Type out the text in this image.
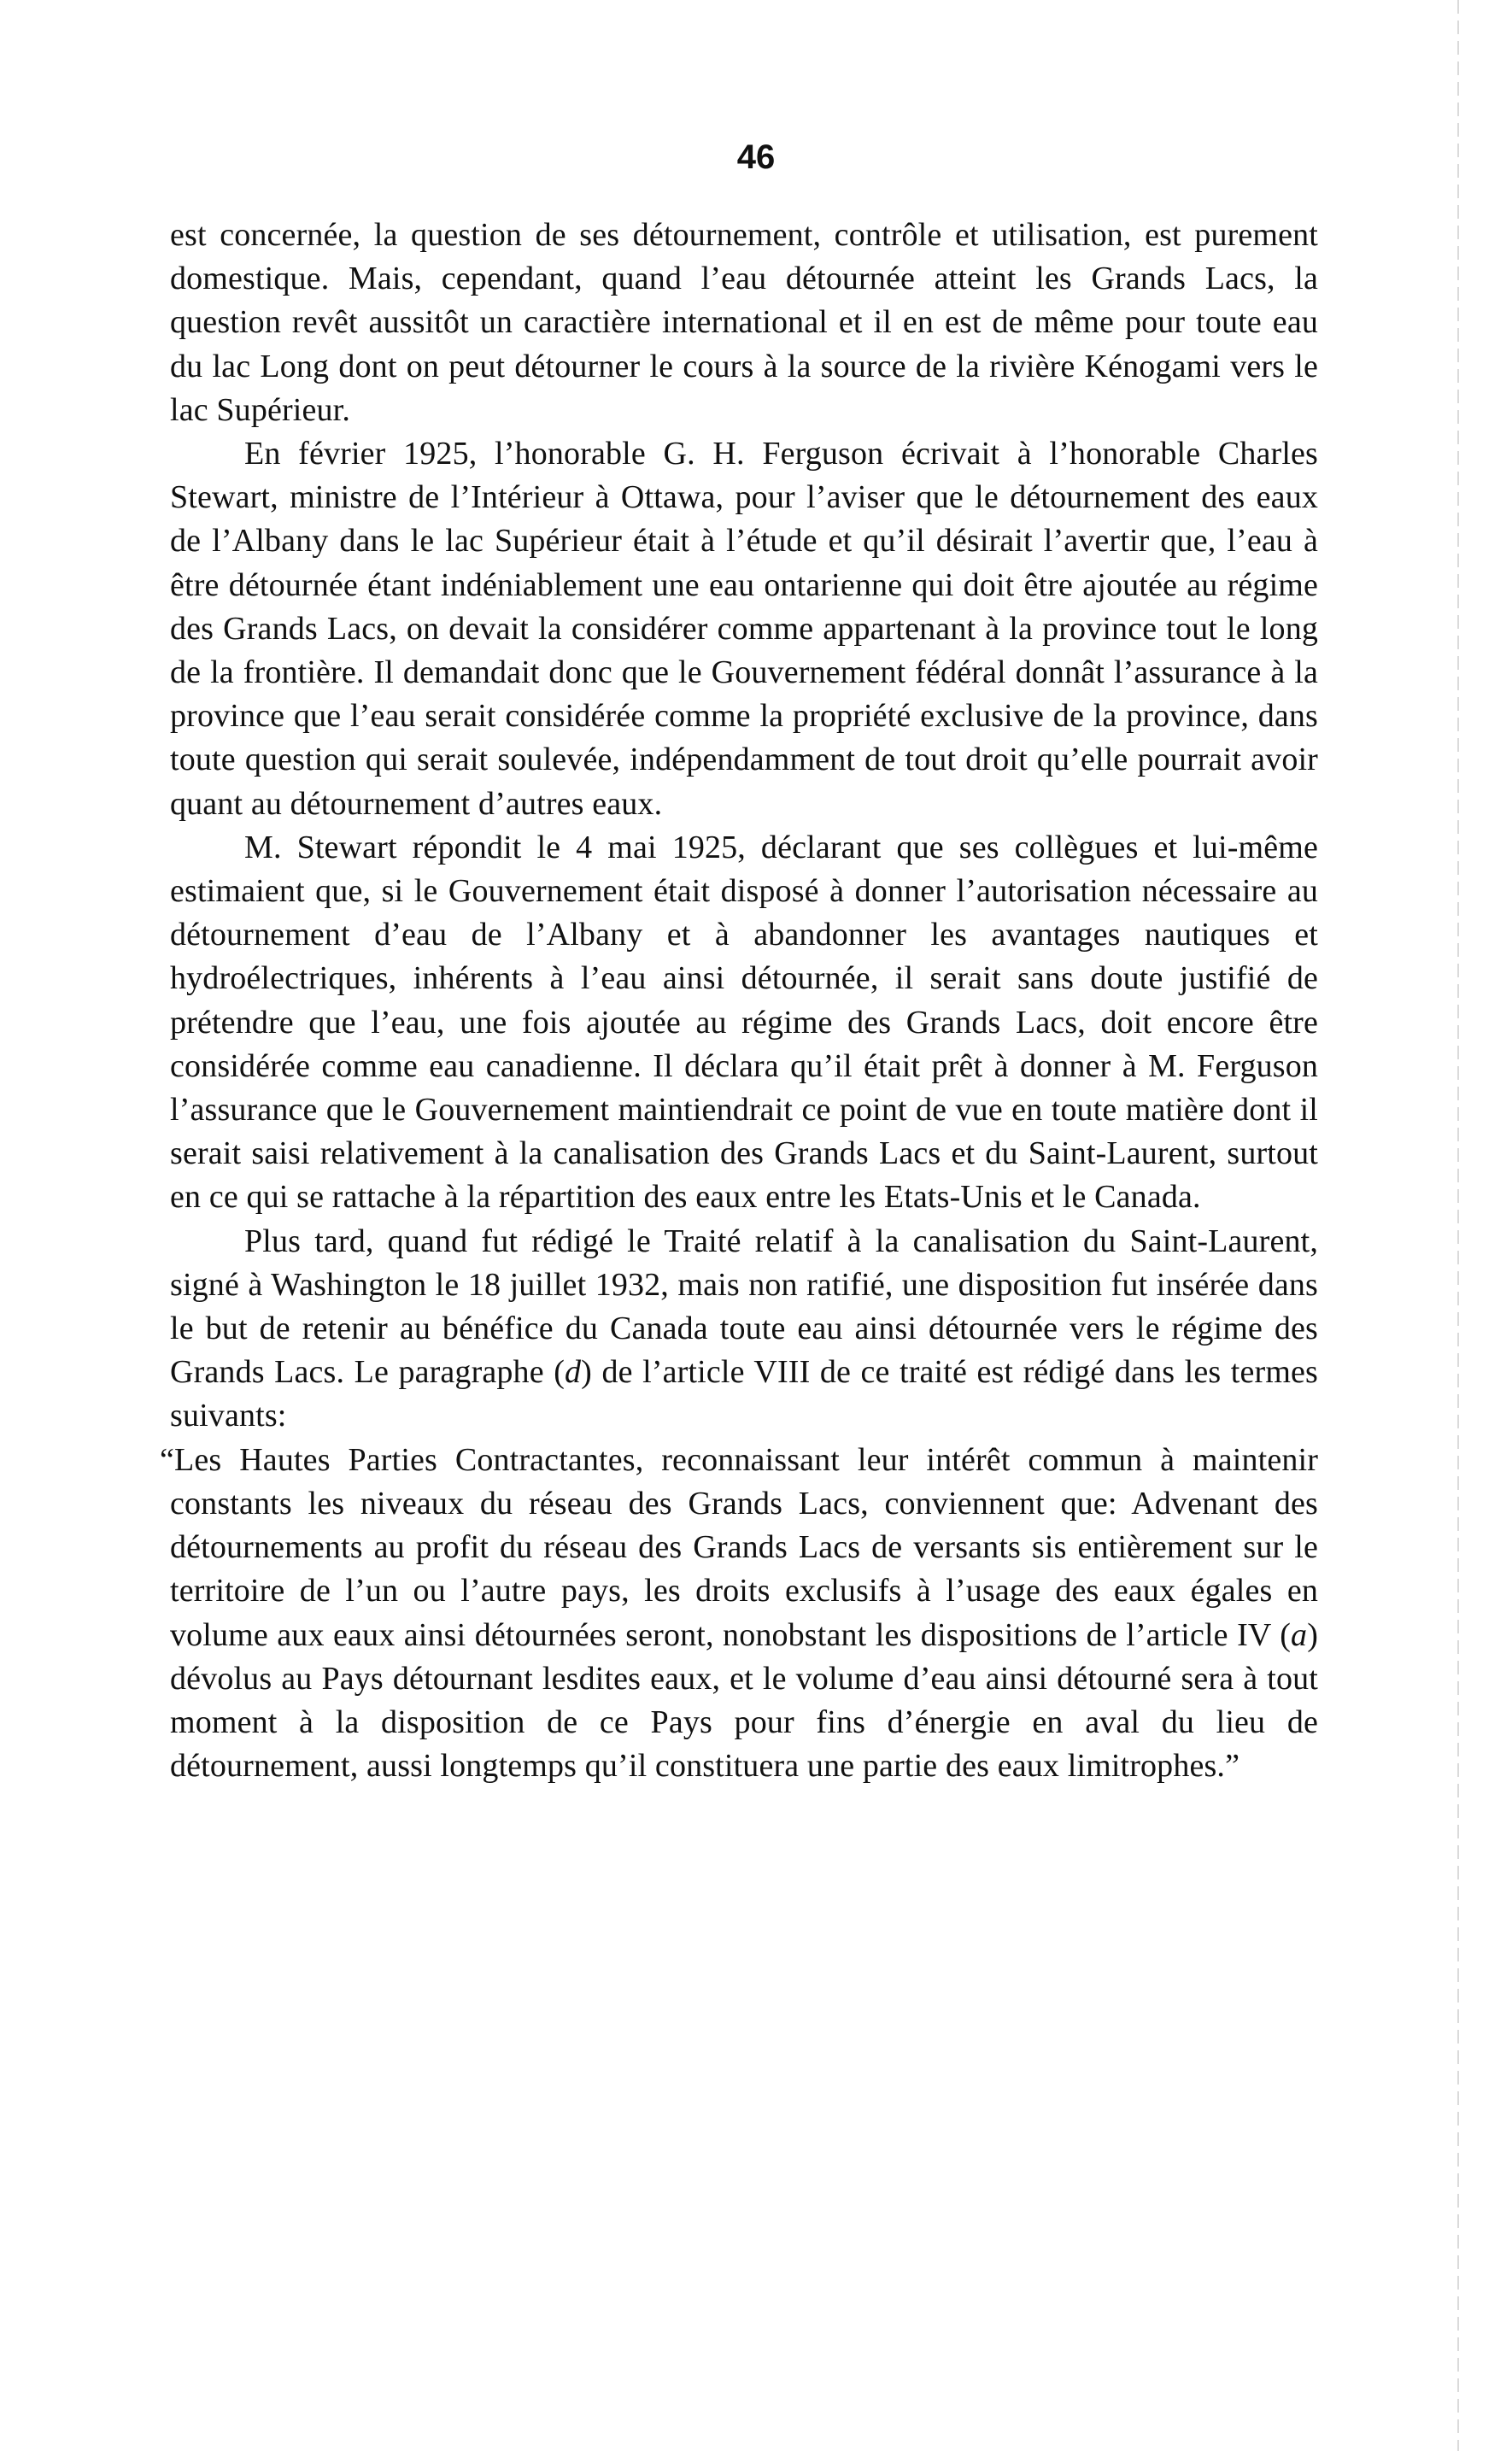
46

est concernée, la question de ses détournement, contrôle et utilisation, est purement domestique. Mais, cependant, quand l’eau détournée atteint les Grands Lacs, la question revêt aussitôt un caractière international et il en est de même pour toute eau du lac Long dont on peut détourner le cours à la source de la rivière Kénogami vers le lac Supérieur.

En février 1925, l’honorable G. H. Ferguson écrivait à l’honorable Charles Stewart, ministre de l’Intérieur à Ottawa, pour l’aviser que le détournement des eaux de l’Albany dans le lac Supérieur était à l’étude et qu’il désirait l’avertir que, l’eau à être détournée étant indéniablement une eau ontarienne qui doit être ajoutée au régime des Grands Lacs, on devait la considérer comme appartenant à la province tout le long de la frontière. Il demandait donc que le Gouvernement fédéral donnât l’assurance à la province que l’eau serait considérée comme la propriété exclusive de la province, dans toute question qui serait soulevée, indépendamment de tout droit qu’elle pourrait avoir quant au détournement d’autres eaux.

M. Stewart répondit le 4 mai 1925, déclarant que ses collègues et lui-même estimaient que, si le Gouvernement était disposé à donner l’autorisation nécessaire au détournement d’eau de l’Albany et à abandonner les avantages nautiques et hydroélectriques, inhérents à l’eau ainsi détournée, il serait sans doute justifié de prétendre que l’eau, une fois ajoutée au régime des Grands Lacs, doit encore être considérée comme eau canadienne. Il déclara qu’il était prêt à donner à M. Ferguson l’assurance que le Gouvernement maintiendrait ce point de vue en toute matière dont il serait saisi relativement à la canalisation des Grands Lacs et du Saint-Laurent, surtout en ce qui se rattache à la répartition des eaux entre les Etats-Unis et le Canada.

Plus tard, quand fut rédigé le Traité relatif à la canalisation du Saint-Laurent, signé à Washington le 18 juillet 1932, mais non ratifié, une disposition fut insérée dans le but de retenir au bénéfice du Canada toute eau ainsi détournée vers le régime des Grands Lacs. Le paragraphe (d) de l’article VIII de ce traité est rédigé dans les termes suivants:

“Les Hautes Parties Contractantes, reconnaissant leur intérêt commun à maintenir constants les niveaux du réseau des Grands Lacs, conviennent que: Advenant des détournements au profit du réseau des Grands Lacs de versants sis entièrement sur le territoire de l’un ou l’autre pays, les droits exclusifs à l’usage des eaux égales en volume aux eaux ainsi détournées seront, nonobstant les dispositions de l’article IV (a) dévolus au Pays détournant lesdites eaux, et le volume d’eau ainsi détourné sera à tout moment à la disposition de ce Pays pour fins d’énergie en aval du lieu de détournement, aussi longtemps qu’il constituera une partie des eaux limitrophes.”
